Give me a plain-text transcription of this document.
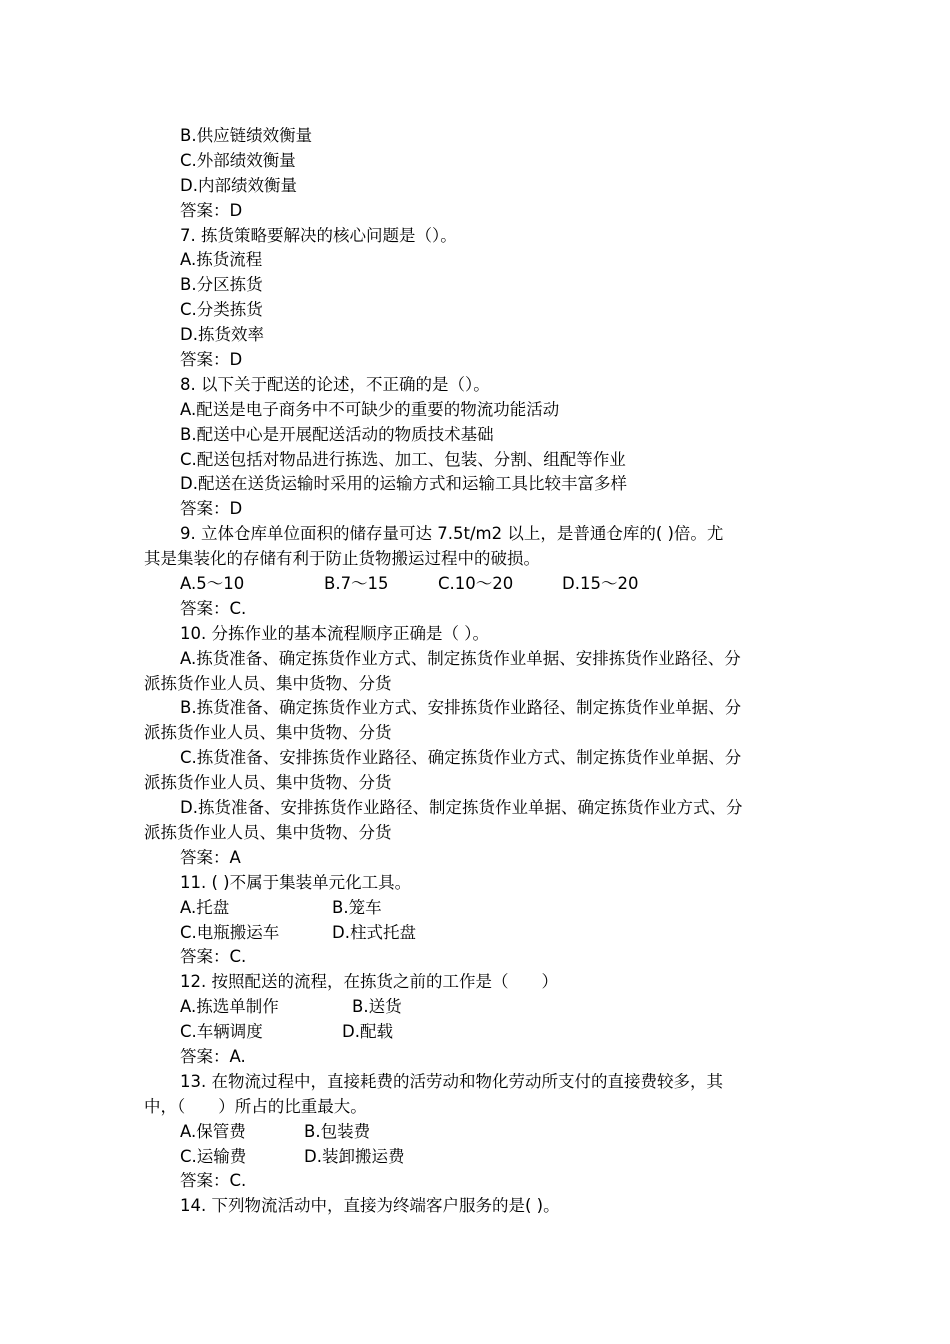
B.供应链绩效衡量
C.外部绩效衡量
D.内部绩效衡量
答案：D
7. 拣货策略要解决的核心问题是（）。
A.拣货流程
B.分区拣货
C.分类拣货
D.拣货效率
答案：D
8. 以下关于配送的论述，不正确的是（）。
A.配送是电子商务中不可缺少的重要的物流功能活动
B.配送中心是开展配送活动的物质技术基础
C.配送包括对物品进行拣选、加工、包装、分割、组配等作业
D.配送在送货运输时采用的运输方式和运输工具比较丰富多样
答案：D
9. 立体仓库单位面积的储存量可达 7.5t/m2 以上，是普通仓库的( )倍。尤
其是集装化的存储有利于防止货物搬运过程中的破损。
A.5～10	B.7～15	C.10～20	D.15～20
答案：C.
10. 分拣作业的基本流程顺序正确是（ ）。
A.拣货准备、确定拣货作业方式、制定拣货作业单据、安排拣货作业路径、分
派拣货作业人员、集中货物、分货
B.拣货准备、确定拣货作业方式、安排拣货作业路径、制定拣货作业单据、分
派拣货作业人员、集中货物、分货
C.拣货准备、安排拣货作业路径、确定拣货作业方式、制定拣货作业单据、分
派拣货作业人员、集中货物、分货
D.拣货准备、安排拣货作业路径、制定拣货作业单据、确定拣货作业方式、分
派拣货作业人员、集中货物、分货
答案：A
11. ( )不属于集装单元化工具。
A.托盘	B.笼车
C.电瓶搬运车	D.柱式托盘
答案：C.
12. 按照配送的流程，在拣货之前的工作是（　　）
A.拣选单制作	B.送货
C.车辆调度	D.配载
答案：A.
13. 在物流过程中，直接耗费的活劳动和物化劳动所支付的直接费较多，其
中，（　　）所占的比重最大。
A.保管费	B.包装费
C.运输费	D.装卸搬运费
答案：C.
14. 下列物流活动中，直接为终端客户服务的是( )。
